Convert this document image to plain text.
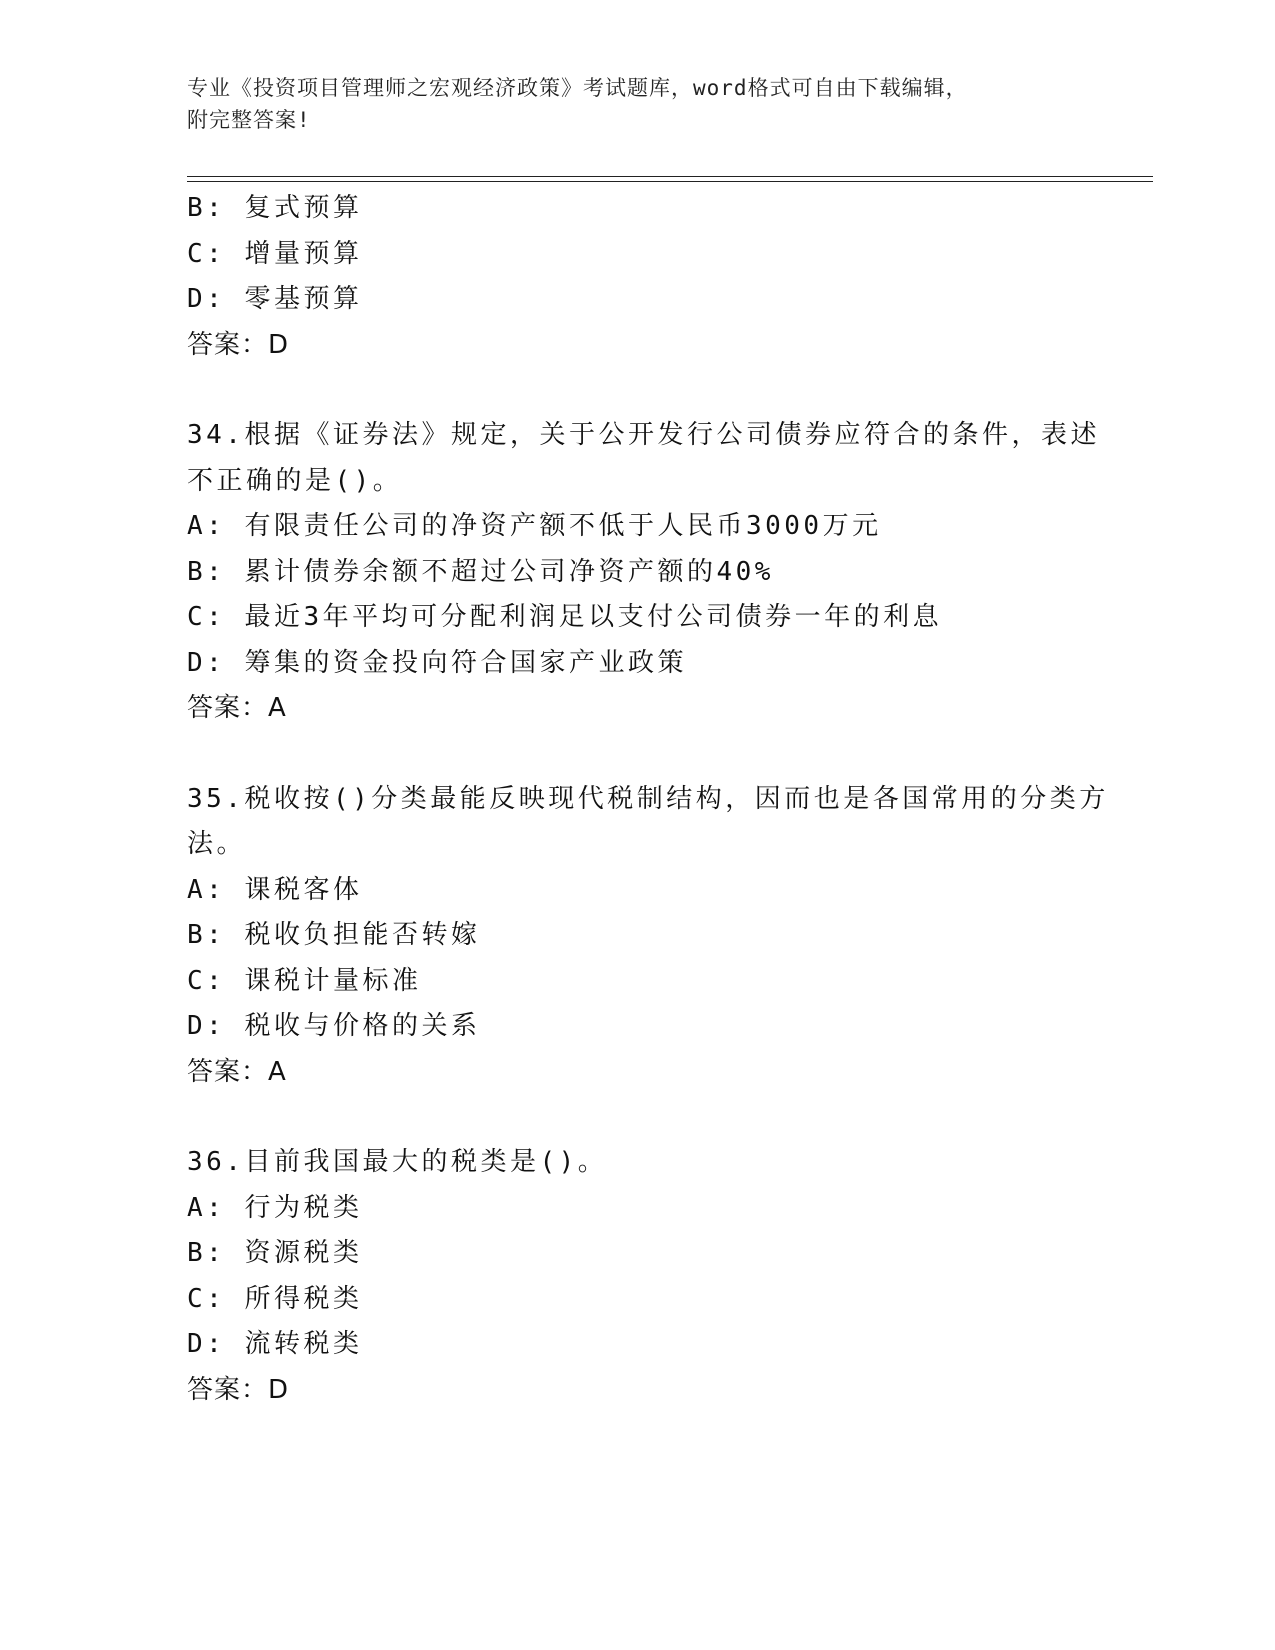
专业《投资项目管理师之宏观经济政策》考试题库，word格式可自由下载编辑，
附完整答案!
B: 复式预算
C: 增量预算
D: 零基预算
答案：D
34.根据《证券法》规定，关于公开发行公司债券应符合的条件，表述
不正确的是()。
A: 有限责任公司的净资产额不低于人民币3000万元
B: 累计债券余额不超过公司净资产额的40%
C: 最近3年平均可分配利润足以支付公司债券一年的利息
D: 筹集的资金投向符合国家产业政策
答案：A
35.税收按()分类最能反映现代税制结构，因而也是各国常用的分类方
法。
A: 课税客体
B: 税收负担能否转嫁
C: 课税计量标准
D: 税收与价格的关系
答案：A
36.目前我国最大的税类是()。
A: 行为税类
B: 资源税类
C: 所得税类
D: 流转税类
答案：D
